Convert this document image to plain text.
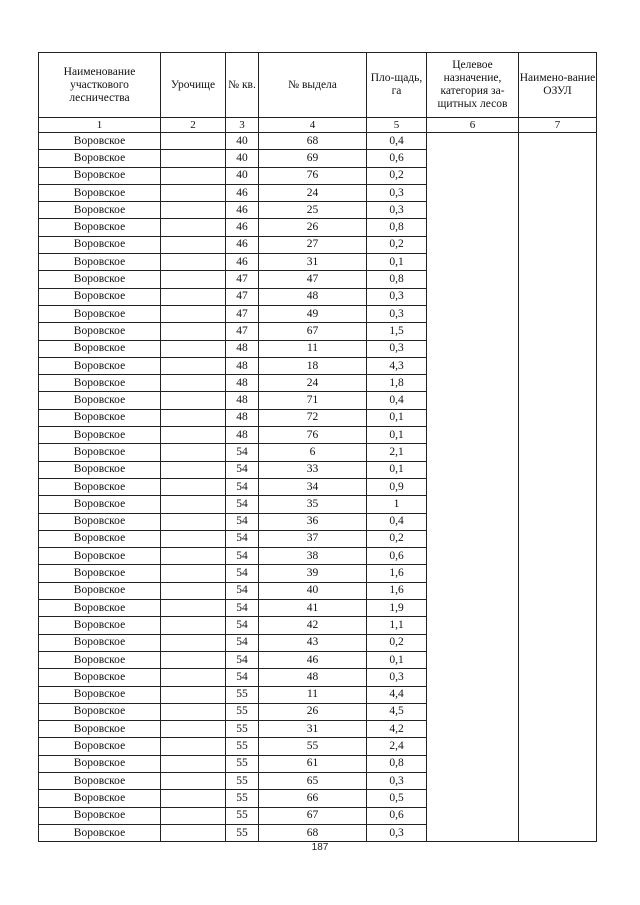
Наименование участкового лесничества	Урочище	№ кв.	№ выдела	Пло-щадь, га	Целевое назначение, категория за-щитных лесов	Наимено-вание ОЗУЛ
1	2	3	4	5	6	7
Воровское		40	68	0,4		
Воровское		40	69	0,6		
Воровское		40	76	0,2		
Воровское		46	24	0,3		
Воровское		46	25	0,3		
Воровское		46	26	0,8		
Воровское		46	27	0,2		
Воровское		46	31	0,1		
Воровское		47	47	0,8		
Воровское		47	48	0,3		
Воровское		47	49	0,3		
Воровское		47	67	1,5		
Воровское		48	11	0,3		
Воровское		48	18	4,3		
Воровское		48	24	1,8		
Воровское		48	71	0,4		
Воровское		48	72	0,1		
Воровское		48	76	0,1		
Воровское		54	6	2,1		
Воровское		54	33	0,1		
Воровское		54	34	0,9		
Воровское		54	35	1		
Воровское		54	36	0,4		
Воровское		54	37	0,2		
Воровское		54	38	0,6		
Воровское		54	39	1,6		
Воровское		54	40	1,6		
Воровское		54	41	1,9		
Воровское		54	42	1,1		
Воровское		54	43	0,2		
Воровское		54	46	0,1		
Воровское		54	48	0,3		
Воровское		55	11	4,4		
Воровское		55	26	4,5		
Воровское		55	31	4,2		
Воровское		55	55	2,4		
Воровское		55	61	0,8		
Воровское		55	65	0,3		
Воровское		55	66	0,5		
Воровское		55	67	0,6		
Воровское		55	68	0,3		
187
